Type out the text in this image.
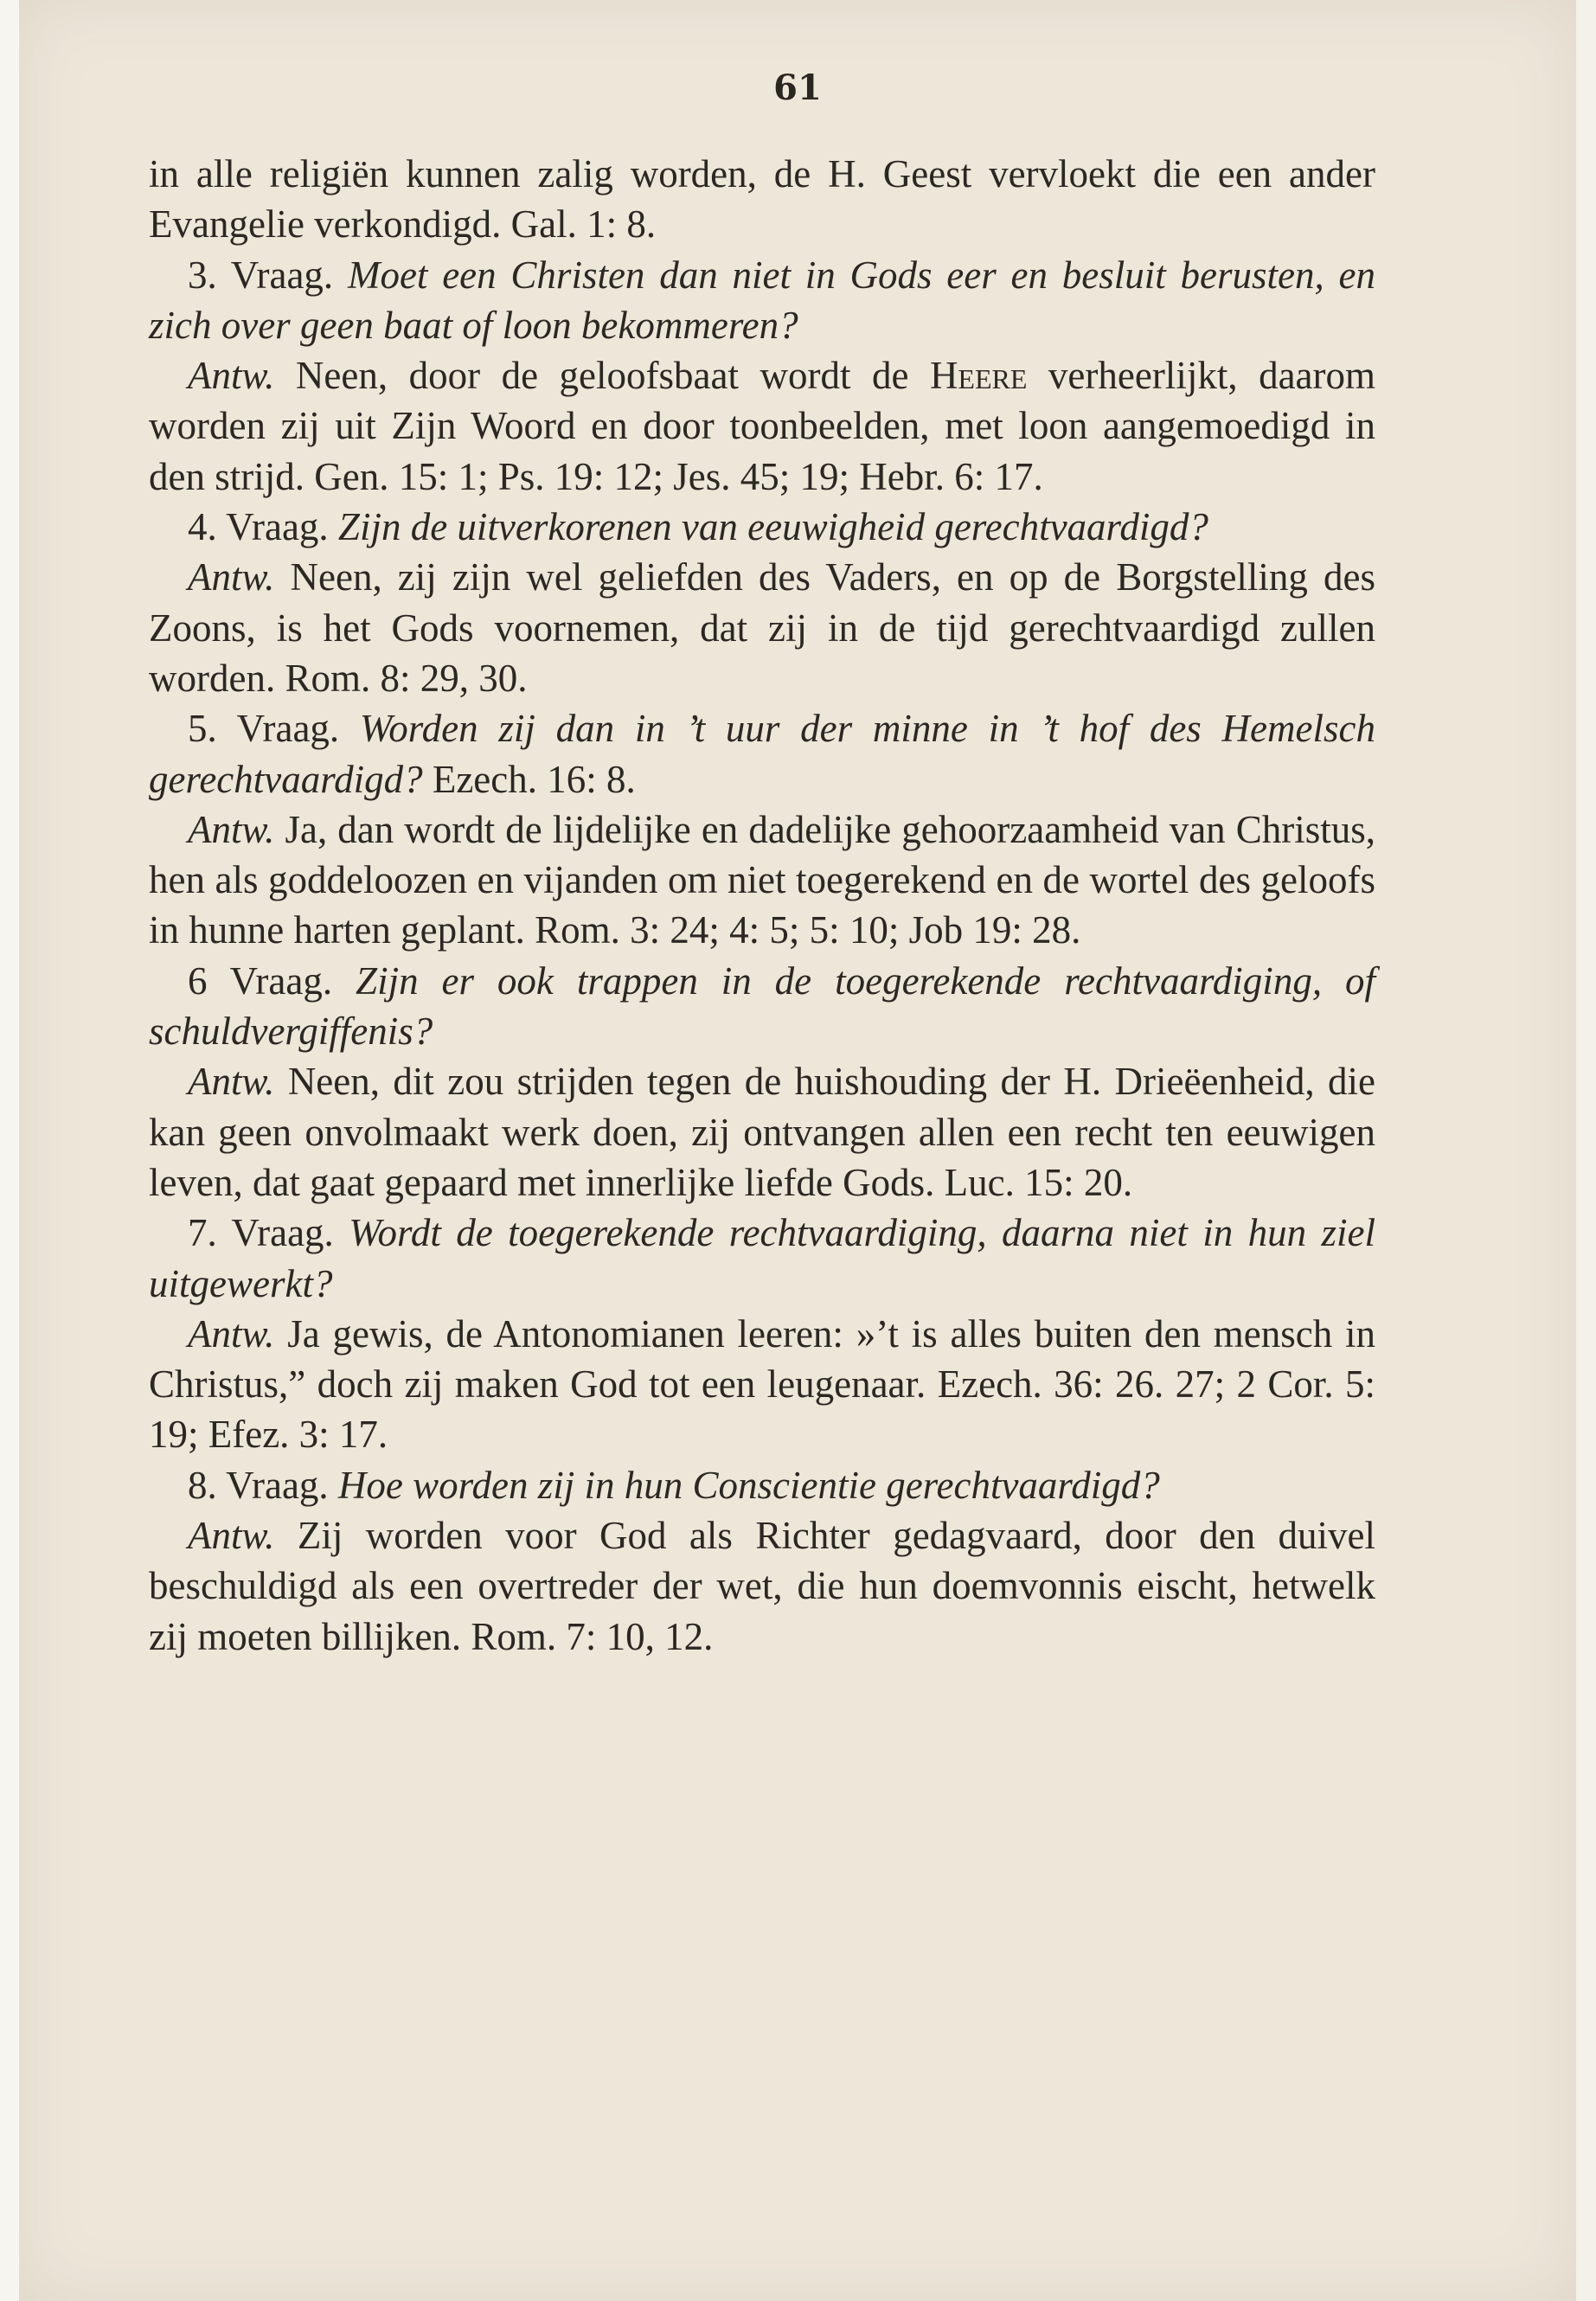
61

in alle religiën kunnen zalig worden, de H. Geest vervloekt die een ander Evangelie verkondigd. Gal. 1: 8.

3. Vraag. Moet een Christen dan niet in Gods eer en besluit berusten, en zich over geen baat of loon bekommeren?

Antw. Neen, door de geloofsbaat wordt de Heere verheerlijkt, daarom worden zij uit Zijn Woord en door toonbeelden, met loon aangemoedigd in den strijd. Gen. 15: 1; Ps. 19: 12; Jes. 45; 19; Hebr. 6: 17.

4. Vraag. Zijn de uitverkorenen van eeuwigheid gerechtvaardigd?

Antw. Neen, zij zijn wel geliefden des Vaders, en op de Borgstelling des Zoons, is het Gods voornemen, dat zij in de tijd gerechtvaardigd zullen worden. Rom. 8: 29, 30.

5. Vraag. Worden zij dan in ’t uur der minne in ’t hof des Hemelsch gerechtvaardigd? Ezech. 16: 8.

Antw. Ja, dan wordt de lijdelijke en dadelijke gehoorzaamheid van Christus, hen als goddeloozen en vijanden om niet toegerekend en de wortel des geloofs in hunne harten geplant. Rom. 3: 24; 4: 5; 5: 10; Job 19: 28.

6 Vraag. Zijn er ook trappen in de toegerekende rechtvaardiging, of schuldvergiffenis?

Antw. Neen, dit zou strijden tegen de huishouding der H. Drieëenheid, die kan geen onvolmaakt werk doen, zij ontvangen allen een recht ten eeuwigen leven, dat gaat gepaard met innerlijke liefde Gods. Luc. 15: 20.

7. Vraag. Wordt de toegerekende rechtvaardiging, daarna niet in hun ziel uitgewerkt?

Antw. Ja gewis, de Antonomianen leeren: »’t is alles buiten den mensch in Christus,” doch zij maken God tot een leugenaar. Ezech. 36: 26. 27; 2 Cor. 5: 19; Efez. 3: 17.

8. Vraag. Hoe worden zij in hun Conscientie gerechtvaardigd?

Antw. Zij worden voor God als Richter gedagvaard, door den duivel beschuldigd als een overtreder der wet, die hun doemvonnis eischt, hetwelk zij moeten billijken. Rom. 7: 10, 12.
